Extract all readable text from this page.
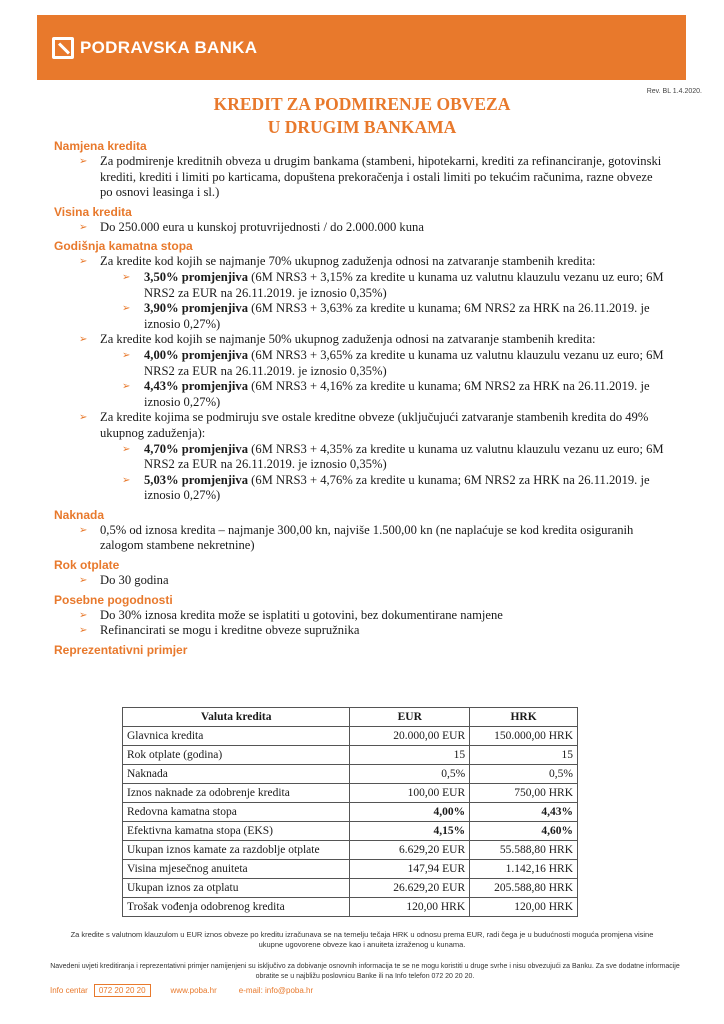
PODRAVSKA BANKA
Rev. BL 1.4.2020.
KREDIT ZA PODMIRENJE OBVEZA
U DRUGIM BANKAMA
Namjena kredita
➢ Za podmirenje kreditnih obveza u drugim bankama (stambeni, hipotekarni, krediti za refinanciranje, gotovinski krediti, krediti i limiti po karticama, dopuštena prekoračenja i ostali limiti po tekućim računima, razne obveze po osnovi leasinga i sl.)
Visina kredita
➢ Do 250.000 eura u kunskoj protuvrijednosti / do 2.000.000 kuna
Godišnja kamatna stopa
➢ Za kredite kod kojih se najmanje 70% ukupnog zaduženja odnosi na zatvaranje stambenih kredita:
➢ 3,50% promjenjiva (6M NRS3 + 3,15% za kredite u kunama uz valutnu klauzulu vezanu uz euro; 6M NRS2 za EUR na 26.11.2019. je iznosio 0,35%)
➢ 3,90% promjenjiva (6M NRS3 + 3,63% za kredite u kunama; 6M NRS2 za HRK na 26.11.2019. je iznosio 0,27%)
➢ Za kredite kod kojih se najmanje 50% ukupnog zaduženja odnosi na zatvaranje stambenih kredita:
➢ 4,00% promjenjiva (6M NRS3 + 3,65% za kredite u kunama uz valutnu klauzulu vezanu uz euro; 6M NRS2 za EUR na 26.11.2019. je iznosio 0,35%)
➢ 4,43% promjenjiva (6M NRS3 + 4,16% za kredite u kunama; 6M NRS2 za HRK na 26.11.2019. je iznosio 0,27%)
➢ Za kredite kojima se podmiruju sve ostale kreditne obveze (uključujući zatvaranje stambenih kredita do 49% ukupnog zaduženja):
➢ 4,70% promjenjiva (6M NRS3 + 4,35% za kredite u kunama uz valutnu klauzulu vezanu uz euro; 6M NRS2 za EUR na 26.11.2019. je iznosio 0,35%)
➢ 5,03% promjenjiva (6M NRS3 + 4,76% za kredite u kunama; 6M NRS2 za HRK na 26.11.2019. je iznosio 0,27%)
Naknada
➢ 0,5% od iznosa kredita – najmanje 300,00 kn, najviše 1.500,00 kn (ne naplaćuje se kod kredita osiguranih zalogom stambene nekretnine)
Rok otplate
➢ Do 30 godina
Posebne pogodnosti
➢ Do 30% iznosa kredita može se isplatiti u gotovini, bez dokumentirane namjene
➢ Refinancirati se mogu i kreditne obveze supružnika
Reprezentativni primjer
Valuta kredita	EUR	HRK
Glavnica kredita	20.000,00 EUR	150.000,00 HRK
Rok otplate (godina)	15	15
Naknada	0,5%	0,5%
Iznos naknade za odobrenje kredita	100,00 EUR	750,00 HRK
Redovna kamatna stopa	4,00%	4,43%
Efektivna kamatna stopa (EKS)	4,15%	4,60%
Ukupan iznos kamate za razdoblje otplate	6.629,20 EUR	55.588,80 HRK
Visina mjesečnog anuiteta	147,94 EUR	1.142,16 HRK
Ukupan iznos za otplatu	26.629,20 EUR	205.588,80 HRK
Trošak vođenja odobrenog kredita	120,00 HRK	120,00 HRK
Za kredite s valutnom klauzulom u EUR iznos obveze po kreditu izračunava se na temelju tečaja HRK u odnosu prema EUR, radi čega je u budućnosti moguća promjena visine ukupne ugovorene obveze kao i anuiteta izraženog u kunama.
Navedeni uvjeti kreditiranja i reprezentativni primjer namijenjeni su isključivo za dobivanje osnovnih informacija te se ne mogu koristiti u druge svrhe i nisu obvezujući za Banku. Za sve dodatne informacije obratite se u najbližu poslovnicu Banke ili na Info telefon 072 20 20 20.
Info centar	072 20 20 20	www.poba.hr	e-mail: info@poba.hr
